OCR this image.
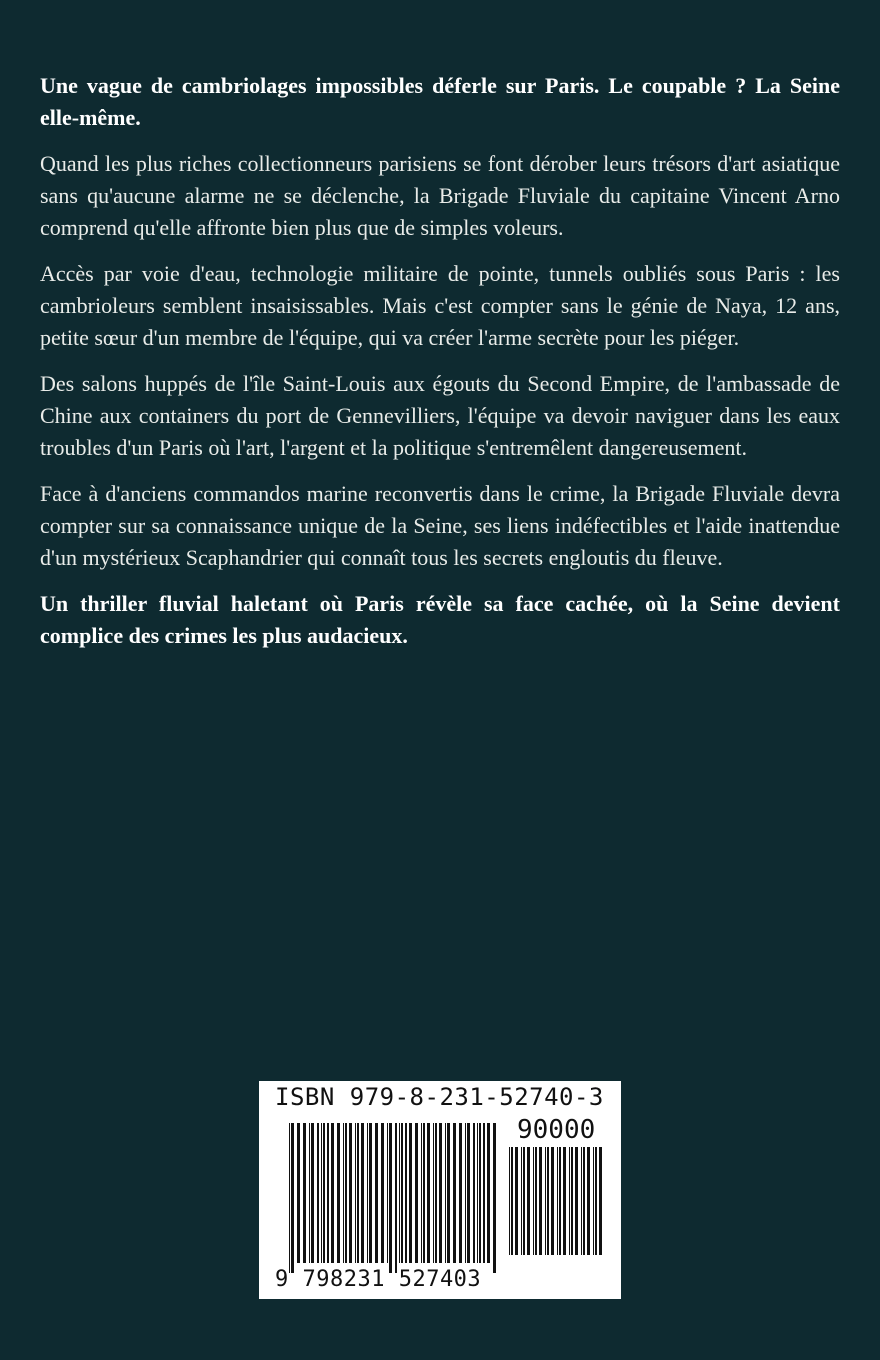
Une vague de cambriolages impossibles déferle sur Paris. Le coupable ? La Seine elle-même.

Quand les plus riches collectionneurs parisiens se font dérober leurs trésors d'art asiatique sans qu'aucune alarme ne se déclenche, la Brigade Fluviale du capitaine Vincent Arno comprend qu'elle affronte bien plus que de simples voleurs.

Accès par voie d'eau, technologie militaire de pointe, tunnels oubliés sous Paris : les cambrioleurs semblent insaisissables. Mais c'est compter sans le génie de Naya, 12 ans, petite sœur d'un membre de l'équipe, qui va créer l'arme secrète pour les piéger.

Des salons huppés de l'île Saint-Louis aux égouts du Second Empire, de l'ambassade de Chine aux containers du port de Gennevilliers, l'équipe va devoir naviguer dans les eaux troubles d'un Paris où l'art, l'argent et la politique s'entremêlent dangereusement.

Face à d'anciens commandos marine reconvertis dans le crime, la Brigade Fluviale devra compter sur sa connaissance unique de la Seine, ses liens indéfectibles et l'aide inattendue d'un mystérieux Scaphandrier qui connaît tous les secrets engloutis du fleuve.

Un thriller fluvial haletant où Paris révèle sa face cachée, où la Seine devient complice des crimes les plus audacieux.

ISBN 979-8-231-52740-3
90000
9 798231 527403
